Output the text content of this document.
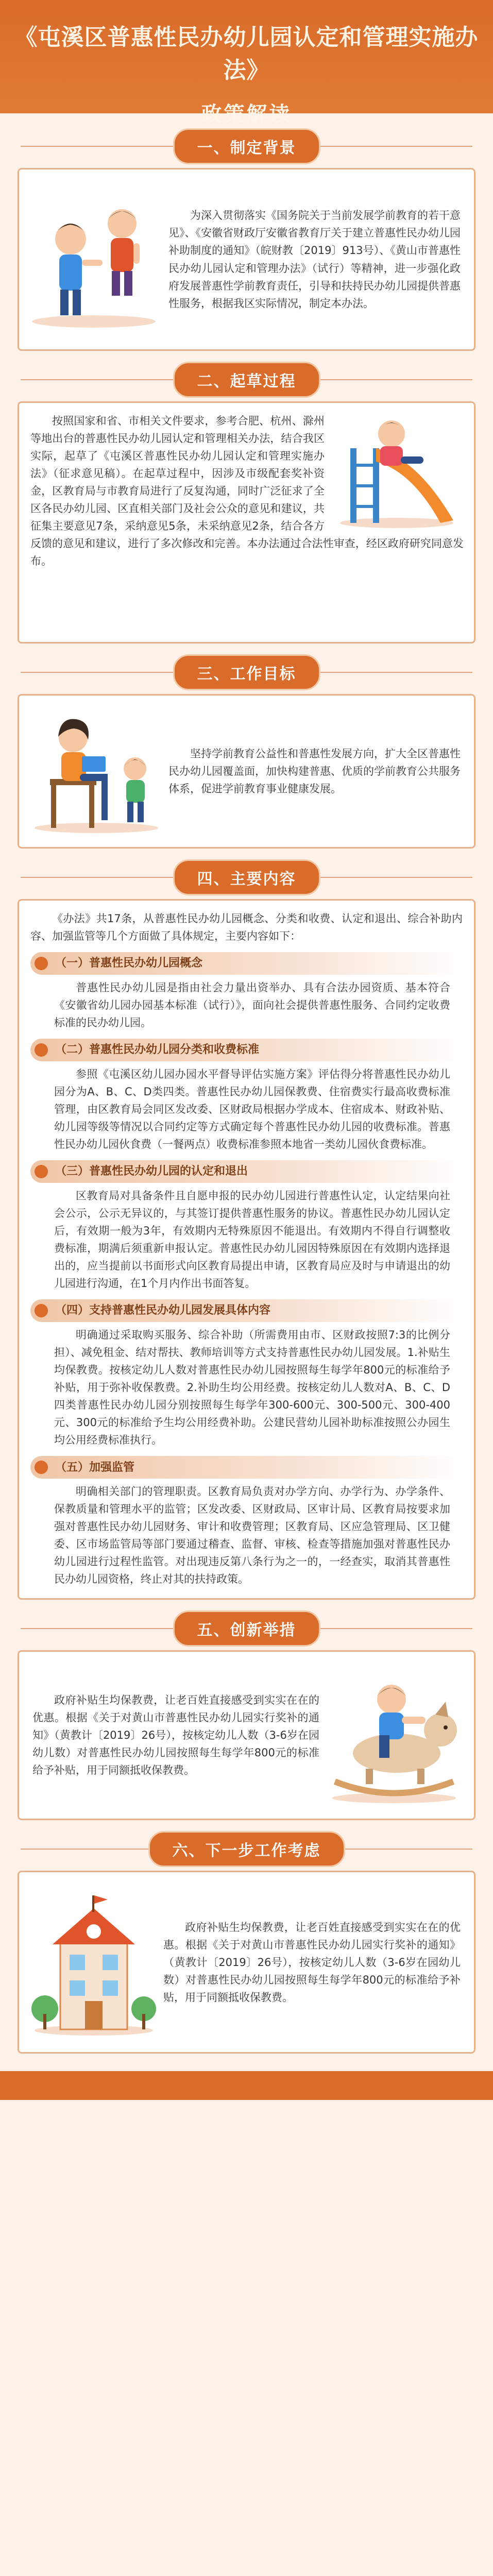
《屯溪区普惠性民办幼儿园认定和管理实施办法》
政策解读
一、制定背景

为深入贯彻落实《国务院关于当前发展学前教育的若干意见》、《安徽省财政厅安徽省教育厅关于建立普惠性民办幼儿园补助制度的通知》（皖财教〔2019〕913号）、《黄山市普惠性民办幼儿园认定和管理办法》（试行）等精神，进一步强化政府发展普惠性学前教育责任，引导和扶持民办幼儿园提供普惠性服务，根据我区实际情况，制定本办法。

二、起草过程

按照国家和省、市相关文件要求，参考合肥、杭州、滁州等地出台的普惠性民办幼儿园认定和管理相关办法，结合我区实际，起草了《屯溪区普惠性民办幼儿园认定和管理实施办法》（征求意见稿）。在起草过程中，因涉及市级配套奖补资金，区教育局与市教育局进行了反复沟通，同时广泛征求了全区各民办幼儿园、区直相关部门及社会公众的意见和建议，共征集主要意见7条，采纳意见5条，未采纳意见2条，结合各方反馈的意见和建议，进行了多次修改和完善。本办法通过合法性审查，经区政府研究同意发布。

三、工作目标

坚持学前教育公益性和普惠性发展方向，扩大全区普惠性民办幼儿园覆盖面，加快构建普惠、优质的学前教育公共服务体系，促进学前教育事业健康发展。

四、主要内容

《办法》共17条，从普惠性民办幼儿园概念、分类和收费、认定和退出、综合补助内容、加强监管等几个方面做了具体规定，主要内容如下：

（一）普惠性民办幼儿园概念

普惠性民办幼儿园是指由社会力量出资举办、具有合法办园资质、基本符合《安徽省幼儿园办园基本标准（试行）》，面向社会提供普惠性服务、合同约定收费标准的民办幼儿园。

（二）普惠性民办幼儿园分类和收费标准

参照《屯溪区幼儿园办园水平督导评估实施方案》评估得分将普惠性民办幼儿园分为A、B、C、D类四类。普惠性民办幼儿园保教费、住宿费实行最高收费标准管理，由区教育局会同区发改委、区财政局根据办学成本、住宿成本、财政补贴、幼儿园等级等情况以合同约定等方式确定每个普惠性民办幼儿园的收费标准。普惠性民办幼儿园伙食费（一餐两点）收费标准参照本地省一类幼儿园伙食费标准。

（三）普惠性民办幼儿园的认定和退出

区教育局对具备条件且自愿申报的民办幼儿园进行普惠性认定，认定结果向社会公示，公示无异议的，与其签订提供普惠性服务的协议。普惠性民办幼儿园认定后，有效期一般为3年，有效期内无特殊原因不能退出。有效期内不得自行调整收费标准，期满后须重新申报认定。普惠性民办幼儿园因特殊原因在有效期内选择退出的，应当提前以书面形式向区教育局提出申请，区教育局应及时与申请退出的幼儿园进行沟通，在1个月内作出书面答复。

（四）支持普惠性民办幼儿园发展具体内容

明确通过采取购买服务、综合补助（所需费用由市、区财政按照7:3的比例分担）、减免租金、结对帮扶、教师培训等方式支持普惠性民办幼儿园发展。1.补贴生均保教费。按核定幼儿人数对普惠性民办幼儿园按照每生每学年800元的标准给予补贴，用于弥补收保教费。2.补助生均公用经费。按核定幼儿人数对A、B、C、D四类普惠性民办幼儿园分别按照每生每学年300-600元、300-500元、300-400元、300元的标准给予生均公用经费补助。公建民营幼儿园补助标准按照公办园生均公用经费标准执行。

（五）加强监管

明确相关部门的管理职责。区教育局负责对办学方向、办学行为、办学条件、保教质量和管理水平的监管；区发改委、区财政局、区审计局、区教育局按要求加强对普惠性民办幼儿园财务、审计和收费管理；区教育局、区应急管理局、区卫健委、区市场监管局等部门要通过稽查、监督、审核、检查等措施加强对普惠性民办幼儿园进行过程性监管。对出现违反第八条行为之一的，一经查实，取消其普惠性民办幼儿园资格，终止对其的扶持政策。

五、创新举措

政府补贴生均保教费，让老百姓直接感受到实实在在的优惠。根据《关于对黄山市普惠性民办幼儿园实行奖补的通知》（黄教计〔2019〕26号），按核定幼儿人数（3-6岁在园幼儿数）对普惠性民办幼儿园按照每生每学年800元的标准给予补贴，用于同额抵收保教费。

六、下一步工作考虑

政府补贴生均保教费，让老百姓直接感受到实实在在的优惠。根据《关于对黄山市普惠性民办幼儿园实行奖补的通知》（黄教计〔2019〕26号），按核定幼儿人数（3-6岁在园幼儿数）对普惠性民办幼儿园按照每生每学年800元的标准给予补贴，用于同额抵收保教费。
